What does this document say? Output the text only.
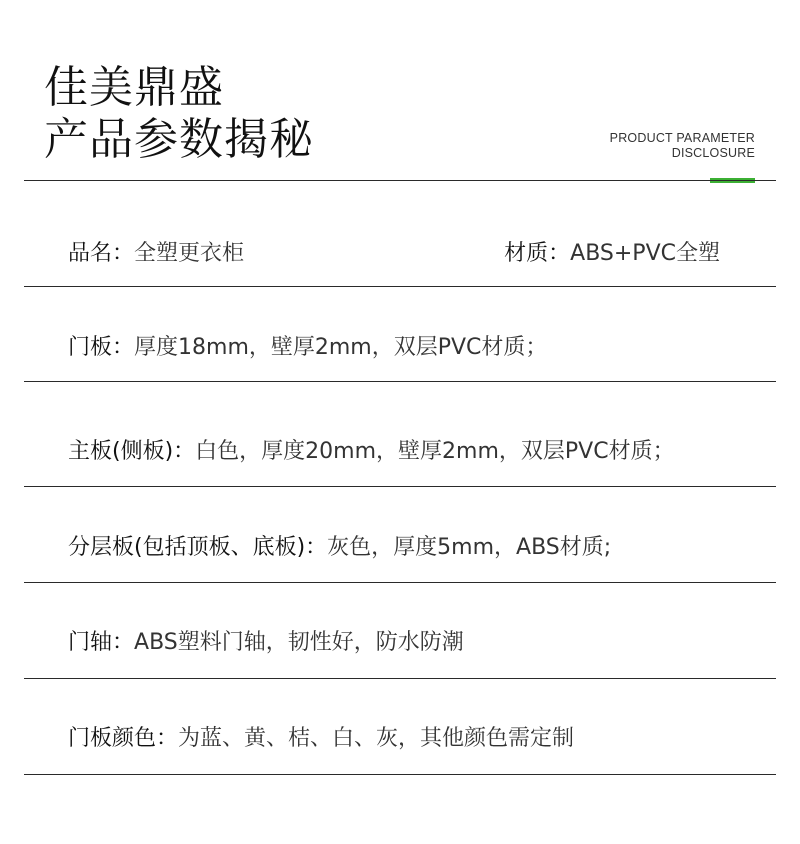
佳美鼎盛
产品参数揭秘	PRODUCT PARAMETER
DISCLOSURE
品名： 全塑更衣柜	材质： ABS+PVC全塑
门板： 厚度18mm，壁厚2mm，双层PVC材质；
主板(侧板)： 白色，厚度20mm，壁厚2mm，双层PVC材质；
分层板(包括顶板、底板)： 灰色，厚度5mm，ABS材质;
门轴： ABS塑料门轴，韧性好，防水防潮
门板颜色： 为蓝、黄、桔、白、灰，其他颜色需定制
